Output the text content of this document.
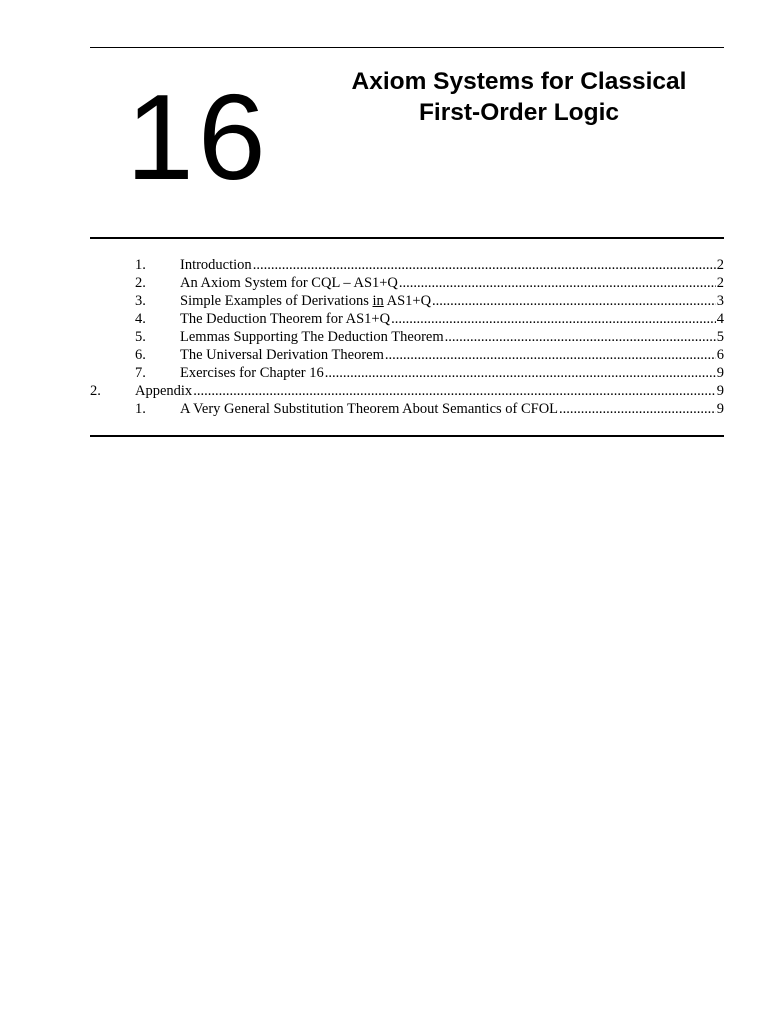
16	Axiom Systems for Classical
First-Order Logic
1.	Introduction .....	2
2.	An Axiom System for CQL – AS1+Q .....	2
3.	Simple Examples of Derivations in AS1+Q .....	3
4.	The Deduction Theorem for AS1+Q .....	4
5.	Lemmas Supporting The Deduction Theorem .....	5
6.	The Universal Derivation Theorem .....	6
7.	Exercises for Chapter 16 .....	9
2.	Appendix .....	9
1.	A Very General Substitution Theorem About Semantics of CFOL .....	9
